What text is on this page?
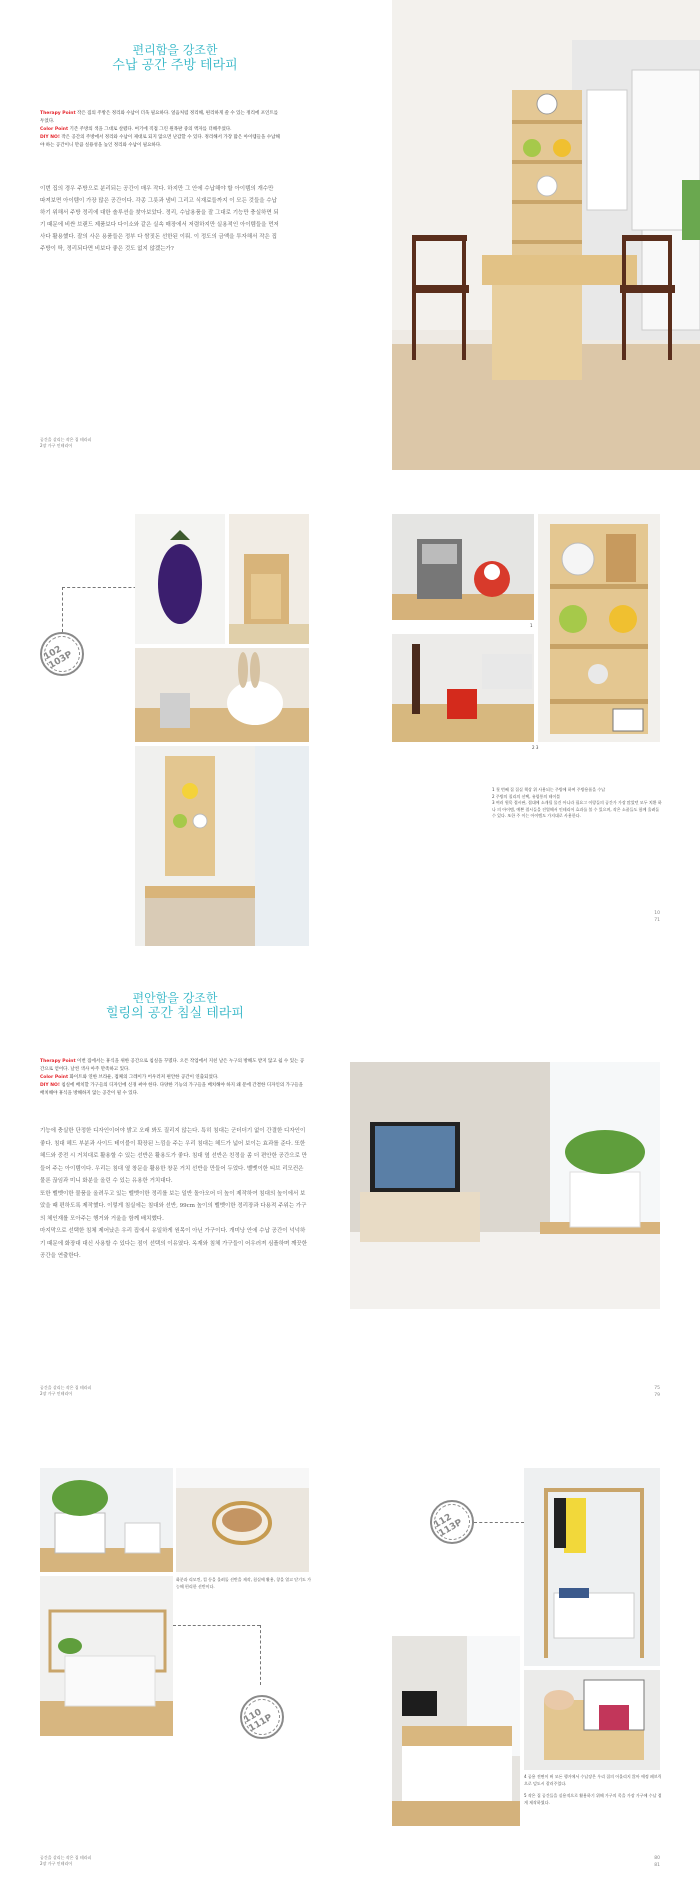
편리함을 강조한
수납 공간 주방 테라피

Therapy Point 작은 집의 주방은 정리와 수납이 더욱 필요하다. 얼음처럼 정리해, 편리하게 쓸 수 있는 정리에 포인트를 두었다.

Color Point 기존 주방의 색을 그대로 살렸다. 여기에 직접 그린 원목판 중의 액자를 더해주었다.

DIY NO! 작은 공간의 주방에서 정리와 수납이 제대로 되지 않으면 난감할 수 있다. 정리해서 가장 많은 아이템들을 수납해야 하는 공간이니 만큼 실용성을 높인 정리와 수납이 필요하다.

이번 집의 경우 주방으로 분리되는 공간이 매우 작다. 하지만 그 안에 수납해야 할 아이템의 개수만 따져보면 아이템이 가장 많은 공간이다. 각종 그릇과 냄비 그리고 식재료들까지 이 모든 것들을 수납하기 위해서 주방 정리에 대한 솔루션을 찾아보았다. 정리, 수납용품을 잘 그대로 기능만 충실하면 되기 때문에 비싼 브랜드 제품보다 다이소와 같은 실속 매장에서 저렴하지만 실용적인 아이템들을 먼저 사다 활용했다. 잘의 사은 용품들은 정부 다 쌈짓돈 선한된 이뤄. 이 정도의 금액을 투자해서 작은 집 주방이 딱, 정리되다면 비보다 좋은 것도 없지 않겠는가?
공간을 살리는 작은 집 테라피
2장 가구 인테리어
102 103P
1
2 3

1 첫 번째 집 집실 책상 위 사용되는 주방에 하여 주방용품을 수납

2 주방의 칠리의 선택, 유럽풍의 테이블

3 여러 원목 접시판, 접대에 소개될 물건 아니라 필요그 이랑들의 공간가 가장 많았던 모두 치환 하나 의 아이템, 예쁜 접시들을 진열해서 인테리어 효과를 볼 수 있으며, 작은 소품들도 함께 올려둘 수 있다. 또한 주 이는 아이템도 가지대로 사용한다.

10
71
편안함을 강조한
힐링의 공간 침실 테라피

Therapy Point 이번 집에서는 휴식을 위한 공간으로 침실을 꾸몄다. 오픈 작업에서 지친 날은 누구의 방해도 받지 않고 쉴 수 있는 공간으로 얻어다. 날씬 색사 아주 만족하고 있다.

Color Point 화이트와 연한 브라운, 접체의 그레이가 어우러져 편안한 공간이 연출되었다.

DIY NO! 침실에 배치할 가구들의 디자인에 신경 써야 한다. 다양한 기능의 가구들을 배치해야 하지 왜 문에 간결한 디자인의 가구들을 배치해야 휴식을 방해하지 않는 공간이 될 수 있다.

기능에 충실한 단정한 디자인이어야 밝고 오래 봐도 질리지 않는다. 특히 침대는 군더더기 없이 간결한 디자인이 좋다. 침대 헤드 부분과 사이드 테이블이 확장된 느낌을 주는 우리 침대는 헤드가 넓어 보이는 효과를 준다. 또한 헤드와 중전 시 거치대로 활용할 수 있는 선반은 활용도가 좋다. 침대 옆 선반은 친정을 좀 더 편안한 공간으로 만들어 주는 아이템이다. 우리는 침대 옆 창문을 활용한 창문 거치 선반을 만들어 두었다. 벨벳이한 티브 리모컨은 물론 끊임과 미니 화분을 올린 수 있는 유용한 거치대다.

또한 벨벳이한 물품을 올려두고 있는 벨벳이한 정리를 보는 일반 돌아오어 더 높이 제작하여 침대의 높이에서 보았을 때 편하도록 제작했다. 이렇게 침실에는 침대와 선반, 99cm 높이의 벨벳이한 정리장과 다용적 주위는 가구의 체인재를 모아주는 행거와 거울을 함께 배치했다.

마지막으로 선택한 침체 제어났은 우리 집에서 유일하게 원목이 아닌 가구이다. 개미낭 안에 수납 공간이 넉넉하기 때문에 화장대 대신 사용할 수 있다는 점이 선택의 이유였다. 옥재와 침체 가구들이 어우러져 심플하며 깨끗한 공간을 연출한다.

공간을 살리는 작은 집 테라피
2장 가구 인테리어
75
79
화분과 리모컨, 컵 등을 올려둘 선반을 제작, 침실에 활용, 창을 열고 닫기도 가능해 편리한 선반이다.
110 111P
112 113P

4 공용 전면이 버 모든 행거에서 수납장은 우리 집의 어울리지 않아 애정 페브릭으로 덮도시 잘러주었다.

5 작은 집 공간들을 실용적으로 활용하기 위해 가구의 목을 가장 가구에 수납 접게 제작하였다.

공간을 살리는 작은 집 테라피
2장 가구 인테리어
80
81
